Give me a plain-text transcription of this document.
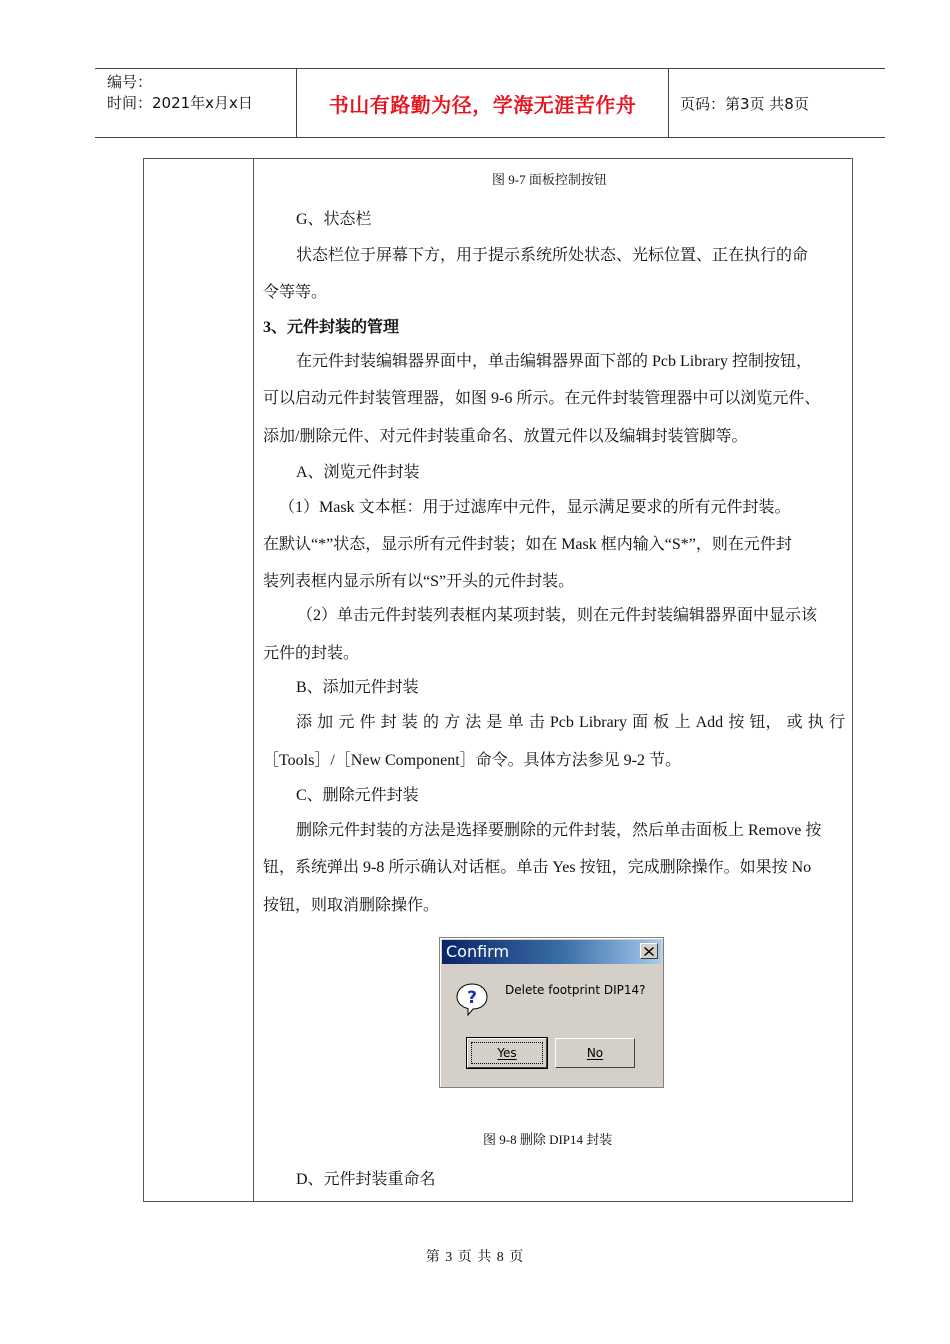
编号：
时间：2021年x月x日	书山有路勤为径，学海无涯苦作舟	页码：第3页 共8页
图 9-7 面板控制按钮
G、状态栏
状态栏位于屏幕下方，用于提示系统所处状态、光标位置、正在执行的命
令等等。
3、元件封装的管理
在元件封装编辑器界面中，单击编辑器界面下部的 Pcb Library 控制按钮，
可以启动元件封装管理器，如图 9-6 所示。在元件封装管理器中可以浏览元件、
添加/删除元件、对元件封装重命名、放置元件以及编辑封装管脚等。
A、浏览元件封装
（1）Mask 文本框：用于过滤库中元件，显示满足要求的所有元件封装。
在默认“*”状态，显示所有元件封装；如在 Mask 框内输入“S*”，则在元件封
装列表框内显示所有以“S”开头的元件封装。
（2）单击元件封装列表框内某项封装，则在元件封装编辑器界面中显示该
元件的封装。
B、添加元件封装
添 加 元 件 封 装 的 方 法 是 单 击 Pcb Library 面 板 上 Add 按 钮， 或 执 行
［Tools］/［New Component］命令。具体方法参见 9-2 节。
C、删除元件封装
删除元件封装的方法是选择要删除的元件封装，然后单击面板上 Remove 按
钮，系统弹出 9-8 所示确认对话框。单击 Yes 按钮，完成删除操作。如果按 No
按钮，则取消删除操作。
图 9-8 删除 DIP14 封装
D、元件封装重命名
Confirm
? Delete footprint DIP14?
Yes	No
第 3 页 共 8 页
